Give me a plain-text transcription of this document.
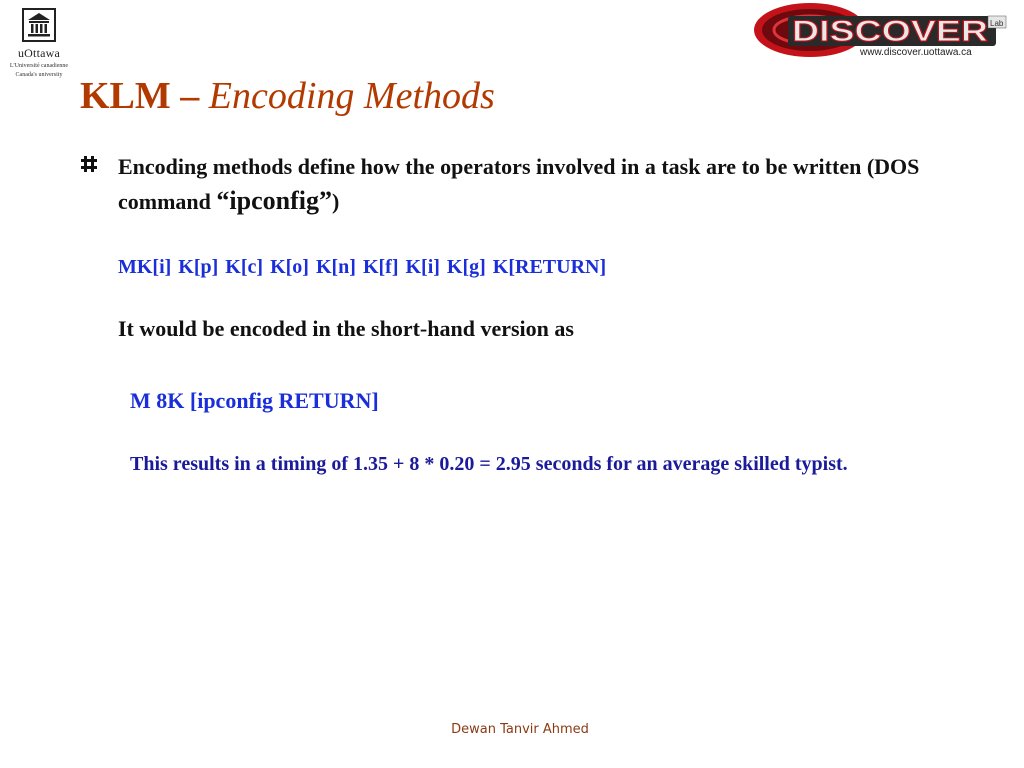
uOttawa
L'Université canadienne
Canada's university
DISCOVER Lab
www.discover.uottawa.ca
KLM – Encoding Methods
Encoding methods define how the operators involved in a task are to be written (DOS command “ipconfig”)

MK[i] K[p] K[c] K[o] K[n] K[f] K[i] K[g] K[RETURN]

It would be encoded in the short-hand version as

M 8K [ipconfig RETURN]

This results in a timing of 1.35 + 8 * 0.20 = 2.95 seconds for an average skilled typist.

Dewan Tanvir Ahmed
